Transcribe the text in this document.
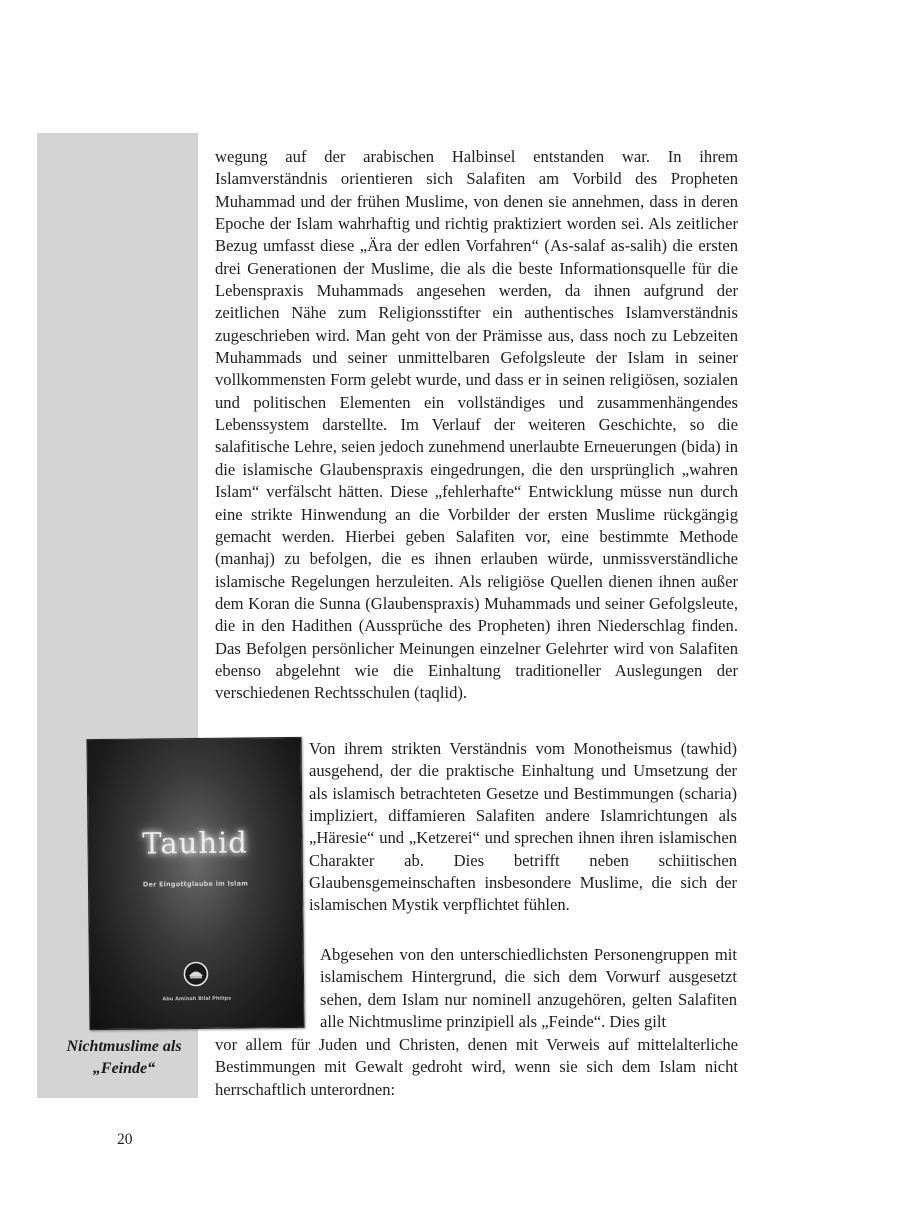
wegung auf der arabischen Halbinsel entstanden war. In ihrem Islamverständnis orientieren sich Salafiten am Vorbild des Propheten Muhammad und der frühen Muslime, von denen sie annehmen, dass in deren Epoche der Islam wahrhaftig und richtig praktiziert worden sei. Als zeitlicher Bezug umfasst diese „Ära der edlen Vorfahren“ (As-salaf as-salih) die ersten drei Generationen der Muslime, die als die beste Informationsquelle für die Lebenspraxis Muhammads angesehen werden, da ihnen aufgrund der zeitlichen Nähe zum Religionsstifter ein authentisches Islamverständnis zugeschrieben wird. Man geht von der Prämisse aus, dass noch zu Lebzeiten Muhammads und seiner unmittelbaren Gefolgsleute der Islam in seiner vollkommensten Form gelebt wurde, und dass er in seinen religiösen, sozialen und politischen Elementen ein vollständiges und zusammenhängendes Lebenssystem darstellte. Im Verlauf der weiteren Geschichte, so die salafitische Lehre, seien jedoch zunehmend unerlaubte Erneuerungen (bida) in die islamische Glaubenspraxis eingedrungen, die den ursprünglich „wahren Islam“ verfälscht hätten. Diese „fehlerhafte“ Entwicklung müsse nun durch eine strikte Hinwendung an die Vorbilder der ersten Muslime rückgängig gemacht werden. Hierbei geben Salafiten vor, eine bestimmte Methode (manhaj) zu befolgen, die es ihnen erlauben würde, unmissverständliche islamische Regelungen herzuleiten. Als religiöse Quellen dienen ihnen außer dem Koran die Sunna (Glaubenspraxis) Muhammads und seiner Gefolgsleute, die in den Hadithen (Aussprüche des Propheten) ihren Niederschlag finden. Das Befolgen persönlicher Meinungen einzelner Gelehrter wird von Salafiten ebenso abgelehnt wie die Einhaltung traditioneller Auslegungen der verschiedenen Rechtsschulen (taqlid).

Tauhid
Der Eingottglaube im Islam
Abu Aminah Bilal Philips

Von ihrem strikten Verständnis vom Monotheismus (tawhid) ausgehend, der die praktische Einhaltung und Umsetzung der als islamisch betrachteten Gesetze und Bestimmungen (scharia) impliziert, diffamieren Salafiten andere Islamrichtungen als „Häresie“ und „Ketzerei“ und sprechen ihnen ihren islamischen Charakter ab. Dies betrifft neben schiitischen Glaubensgemeinschaften insbesondere Muslime, die sich der islamischen Mystik verpflichtet fühlen.

Abgesehen von den unterschiedlichsten Personengruppen mit islamischem Hintergrund, die sich dem Vorwurf ausgesetzt sehen, dem Islam nur nominell anzugehören, gelten Salafiten alle Nichtmuslime prinzipiell als „Feinde“. Dies gilt

vor allem für Juden und Christen, denen mit Verweis auf mittelalterliche Bestimmungen mit Gewalt gedroht wird, wenn sie sich dem Islam nicht herrschaftlich unterordnen:

Nichtmuslime als „Feinde“
20
